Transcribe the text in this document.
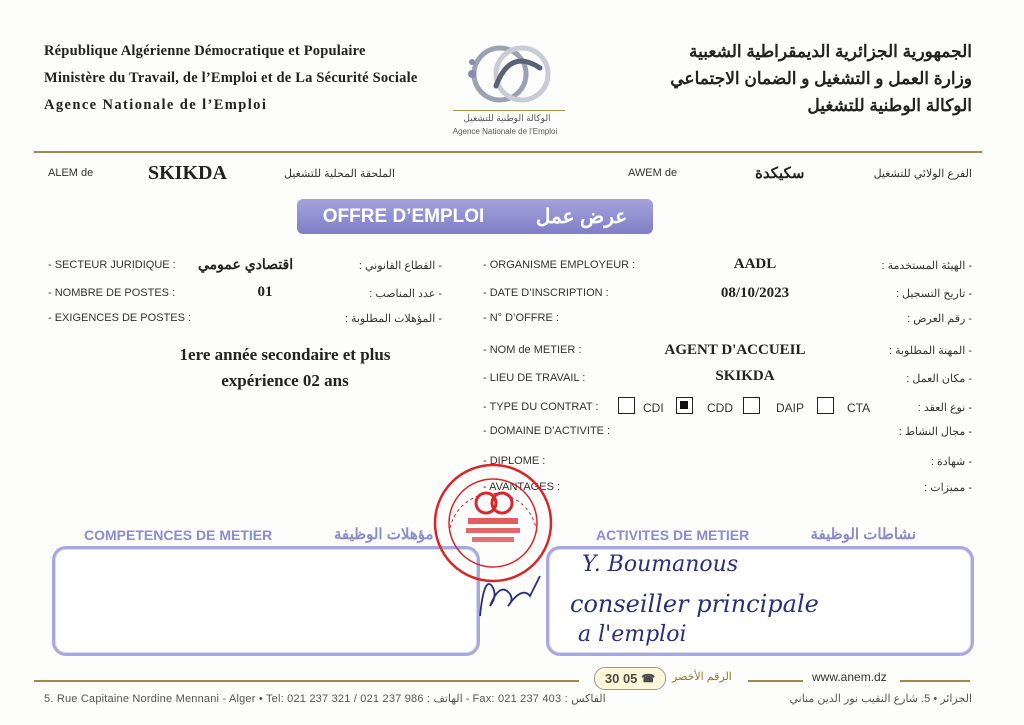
République Algérienne Démocratique et Populaire
Ministère du Travail, de l’Emploi et de La Sécurité Sociale
Agence Nationale de l’Emploi
الوكالة الوطنية للتشغيل
Agence Nationale de l’Emploi
الجمهورية الجزائرية الديمقراطية الشعبية
وزارة العمل و التشغيل و الضمان الاجتماعي
الوكالة الوطنية للتشغيل
ALEM de	SKIKDA	الملحقة المحلية للتشغيل	AWEM de	سكيكدة	الفرع الولائي للتشغيل
OFFRE D’EMPLOI	عرض عمل
- SECTEUR JURIDIQUE : اقتصادي عمومي	- القطاع القانوني :
- NOMBRE DE POSTES :	01	- عدد المناصب :
- EXIGENCES DE POSTES :	- المؤهلات المطلوبة :
1ere année secondaire et plus
expérience 02 ans
- ORGANISME EMPLOYEUR :	AADL	- الهيئة المستخدمة :
- DATE D’INSCRIPTION :	08/10/2023	- تاريخ التسجيل :
- N° D’OFFRE :	- رقم العرض :
- NOM de METIER :	AGENT D'ACCUEIL	- المهنة المطلوبة :
- LIEU DE TRAVAIL :	SKIKDA	- مكان العمل :
- TYPE DU CONTRAT :	CDI	CDD	DAIP	CTA	- نوع العقد :
- DOMAINE D’ACTIVITE :	- مجال النشاط :
- DIPLOME :	- شهادة :
- AVANTAGES :	- مميزات :
COMPETENCES DE METIER	مؤهلات الوظيفة	ACTIVITES DE METIER	نشاطات الوظيفة
Y. Boumanous
conseiller principale
a l'emploi
30 05 ☎ الرقم الأخضر	www.anem.dz
5. Rue Capitaine Nordine Mennani - Alger • Tel: 021 237 321 / 021 237 986 : الهاتف - Fax: 021 237 403 : الفاكس	الجزائر • 5. شارع النقيب نور الدين مناني
